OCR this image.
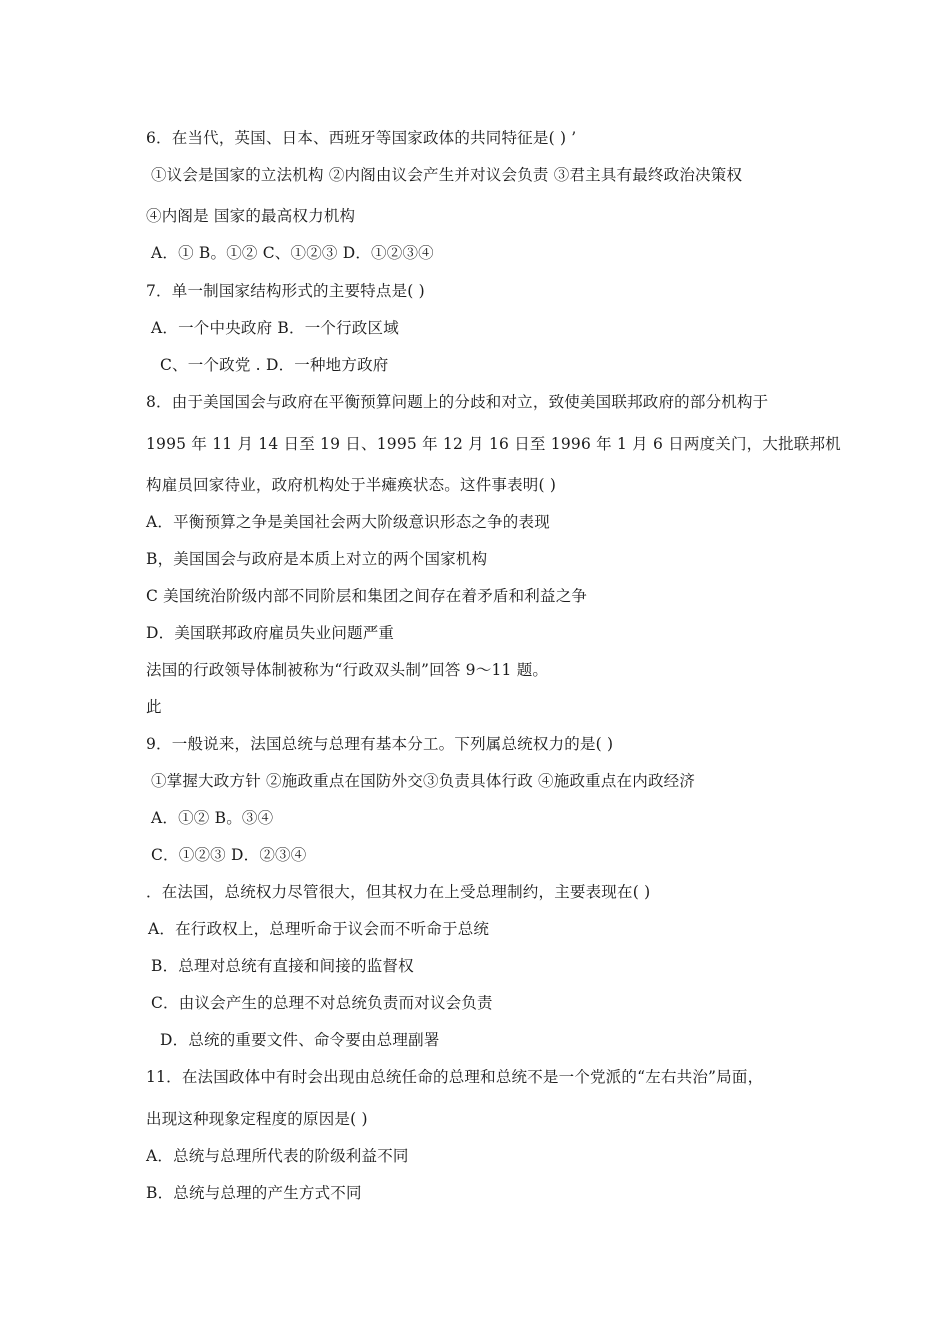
6．在当代，英国、日本、西班牙等国家政体的共同特征是( ) ’
①议会是国家的立法机构 ②内阁由议会产生并对议会负责 ③君主具有最终政治决策权
④内阁是 国家的最高权力机构
A．① B。①② C、①②③ D．①②③④
7．单一制国家结构形式的主要特点是( )
A．一个中央政府 B．一个行政区域
C、一个政党 . D．一种地方政府
8．由于美国国会与政府在平衡预算问题上的分歧和对立，致使美国联邦政府的部分机构于
1995 年 11 月 14 日至 19 日、1995 年 12 月 16 日至 1996 年 1 月 6 日两度关门，大批联邦机
构雇员回家待业，政府机构处于半瘫痪状态。这件事表明( )
A．平衡预算之争是美国社会两大阶级意识形态之争的表现
B，美国国会与政府是本质上对立的两个国家机构
C 美国统治阶级内部不同阶层和集团之间存在着矛盾和利益之争
D．美国联邦政府雇员失业问题严重
法国的行政领导体制被称为“行政双头制”回答 9～11 题。
此
9．一般说来，法国总统与总理有基本分工。下列属总统权力的是( )
①掌握大政方针 ②施政重点在国防外交③负责具体行政 ④施政重点在内政经济
A．①② B。③④
C．①②③ D．②③④
．在法国，总统权力尽管很大，但其权力在上受总理制约，主要表现在( )
A．在行政权上，总理听命于议会而不听命于总统
B．总理对总统有直接和间接的监督权
C．由议会产生的总理不对总统负责而对议会负责
D．总统的重要文件、命令要由总理副署
11．在法国政体中有时会出现由总统任命的总理和总统不是一个党派的“左右共治”局面，
出现这种现象定程度的原因是( )
A．总统与总理所代表的阶级利益不同
B．总统与总理的产生方式不同
